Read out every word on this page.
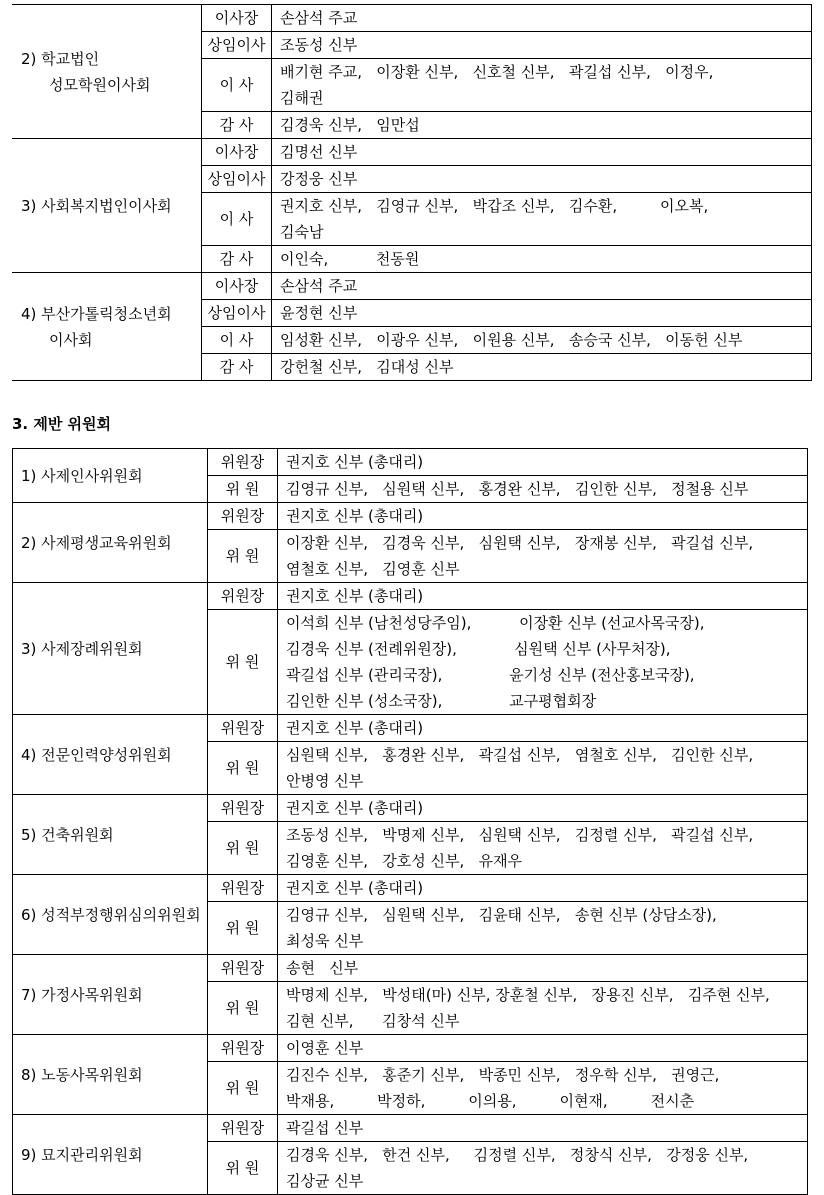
2) 학교법인
성모학원이사회	이사장	손삼석 주교

	상임이사	조동성 신부

	이 사	배기현 주교,   이장환 신부,   신호철 신부,   곽길섭 신부,   이정우,
김해권

	감 사	김경욱 신부,   임만섭

3) 사회복지법인이사회	이사장	김명선 신부

	상임이사	강정웅 신부

	이 사	권지호 신부,   김영규 신부,   박갑조 신부,   김수환,         이오복,
김숙남

	감 사	이인숙,          천동원

4) 부산가톨릭청소년회
이사회	이사장	손삼석 주교

	상임이사	윤정현 신부

	이 사	임성환 신부,   이광우 신부,   이원용 신부,   송승국 신부,   이동헌 신부

	감 사	강헌철 신부,   김대성 신부
3. 제반 위원회
1) 사제인사위원회	위원장	권지호 신부 (총대리)

	위 원	김영규 신부,   심원택 신부,   홍경완 신부,   김인한 신부,   정철용 신부

2) 사제평생교육위원회	위원장	권지호 신부 (총대리)

	위 원	이장환 신부,   김경욱 신부,   심원택 신부,   장재봉 신부,   곽길섭 신부,
염철호 신부,   김영훈 신부

3) 사제장례위원회	위원장	권지호 신부 (총대리)

	위 원	이석희 신부 (남천성당주임),          이장환 신부 (선교사목국장),
김경욱 신부 (전례위원장),            심원택 신부 (사무처장),
곽길섭 신부 (관리국장),              윤기성 신부 (전산홍보국장),
김인한 신부 (성소국장),              교구평협회장

4) 전문인력양성위원회	위원장	권지호 신부 (총대리)

	위 원	심원택 신부,   홍경완 신부,   곽길섭 신부,   염철호 신부,   김인한 신부,
안병영 신부

5) 건축위원회	위원장	권지호 신부 (총대리)

	위 원	조동성 신부,   박명제 신부,   심원택 신부,   김정렬 신부,   곽길섭 신부,
김영훈 신부,   강호성 신부,   유재우

6) 성적부정행위심의위원회	위원장	권지호 신부 (총대리)

	위 원	김영규 신부,   심원택 신부,   김윤태 신부,   송현 신부 (상담소장),
최성욱 신부

7) 가정사목위원회	위원장	송현   신부

	위 원	박명제 신부,   박성태(마) 신부, 장훈철 신부,   장용진 신부,   김주현 신부,
김현 신부,      김창석 신부

8) 노동사목위원회	위원장	이영훈 신부

	위 원	김진수 신부,   홍준기 신부,   박종민 신부,   정우학 신부,   권영근,
박재용,         박정하,         이의용,         이현재,         전시춘

9) 묘지관리위원회	위원장	곽길섭 신부

	위 원	김경욱 신부,   한건 신부,     김정렬 신부,   정창식 신부,   강정웅 신부,
김상균 신부
